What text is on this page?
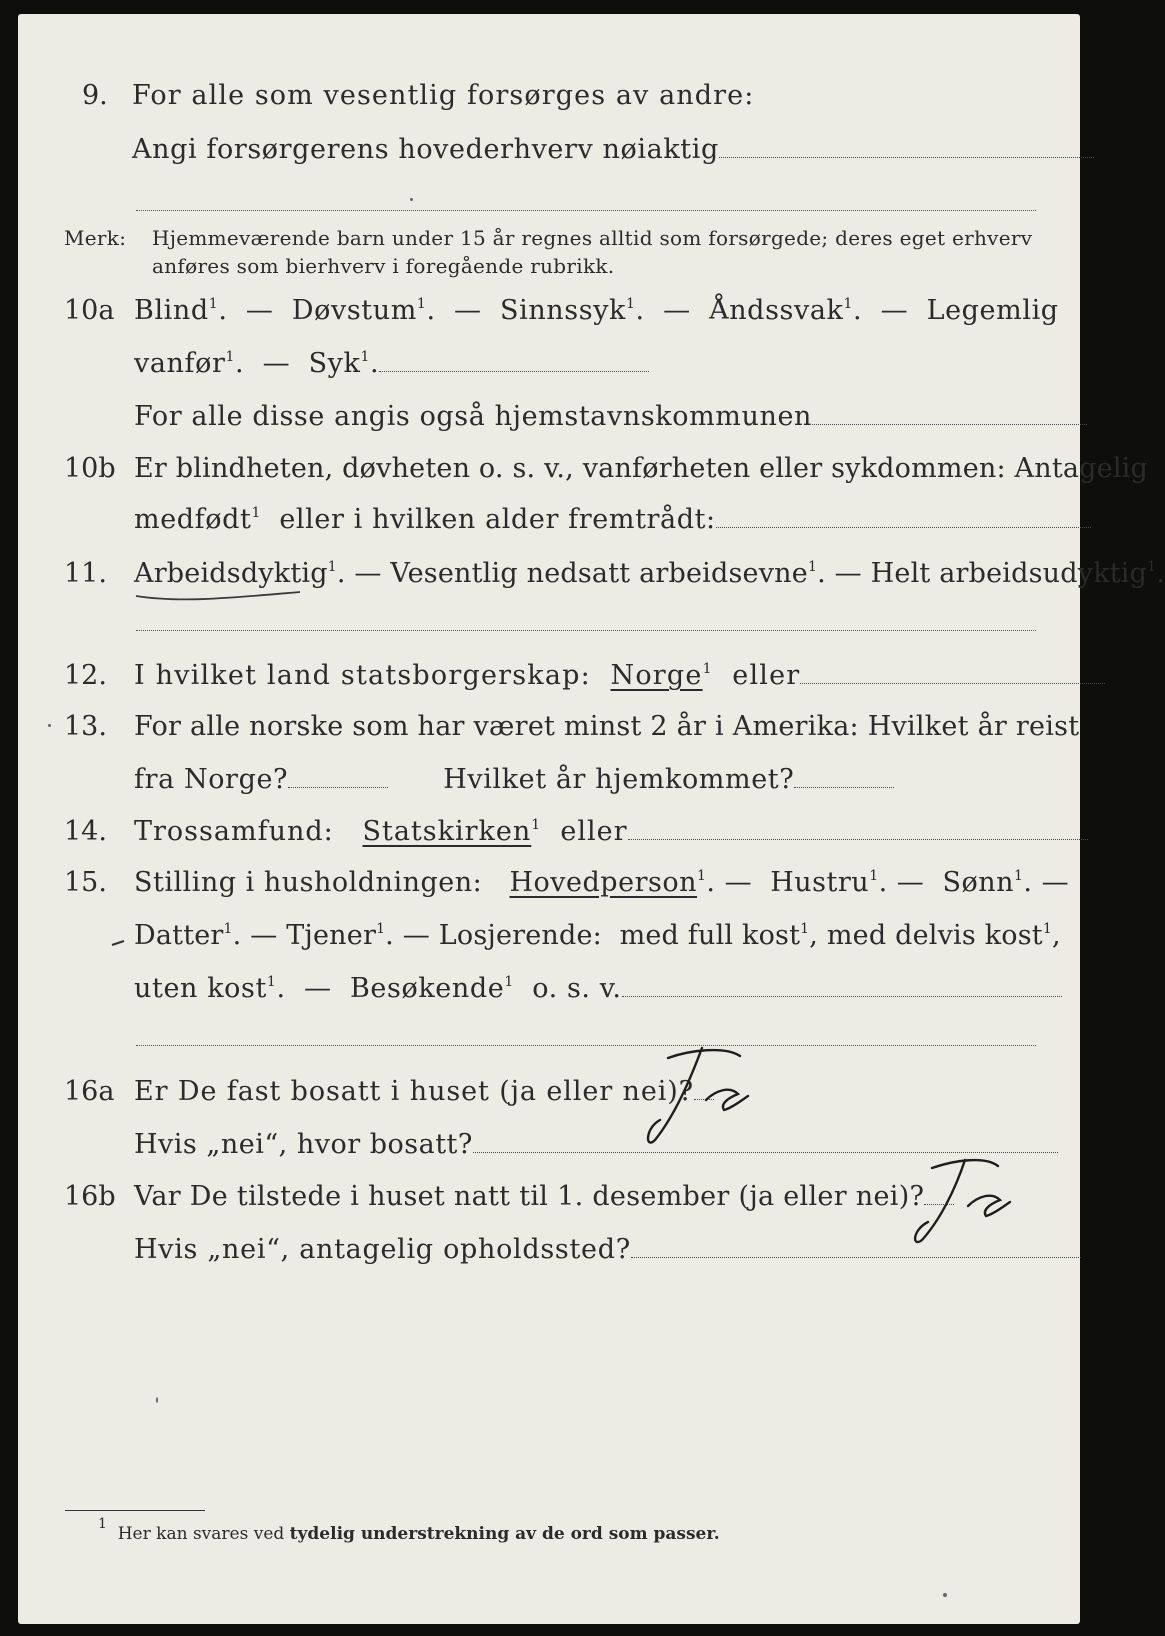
9. For alle som vesentlig forsørges av andre:
Angi forsørgerens hovederhverv nøiaktig
Merk: Hjemmeværende barn under 15 år regnes alltid som forsørgede; deres eget erhverv
anføres som bierhverv i foregående rubrikk.
10a Blind$^1$.  — Døvstum$^1$.  — Sinnssyk$^1$.  — Åndssvak$^1$.  — Legemlig
vanfør$^1$.  — Syk$^1$.
For alle disse angis også hjemstavnskommunen
10b Er blindheten, døvheten o. s. v., vanførheten eller sykdommen: Antagelig
medfødt$^1$ eller i hvilken alder fremtrådt:
11. Arbeidsdyktig$^1$. — Vesentlig nedsatt arbeidsevne$^1$. — Helt arbeidsudyktig$^1$.
12. I hvilket land statsborgerskap: Norge$^1$ eller
13. For alle norske som har været minst 2 år i Amerika: Hvilket år reist
fra Norge?	Hvilket år hjemkommet?
14. Trossamfund: Statskirken$^1$ eller
15. Stilling i husholdningen: Hovedperson$^1$. — Hustru$^1$. — Sønn$^1$. —
Datter$^1$. — Tjener$^1$. — Losjerende: med full kost$^1$, med delvis kost$^1$,
uten kost$^1$.  — Besøkende$^1$ o. s. v.
16a Er De fast bosatt i huset (ja eller nei)?
Hvis „nei“, hvor bosatt?
16b Var De tilstede i huset natt til 1. desember (ja eller nei)?
Hvis „nei“, antagelig opholdssted?
$^1$ Her kan svares ved tydelig understrekning av de ord som passer.
